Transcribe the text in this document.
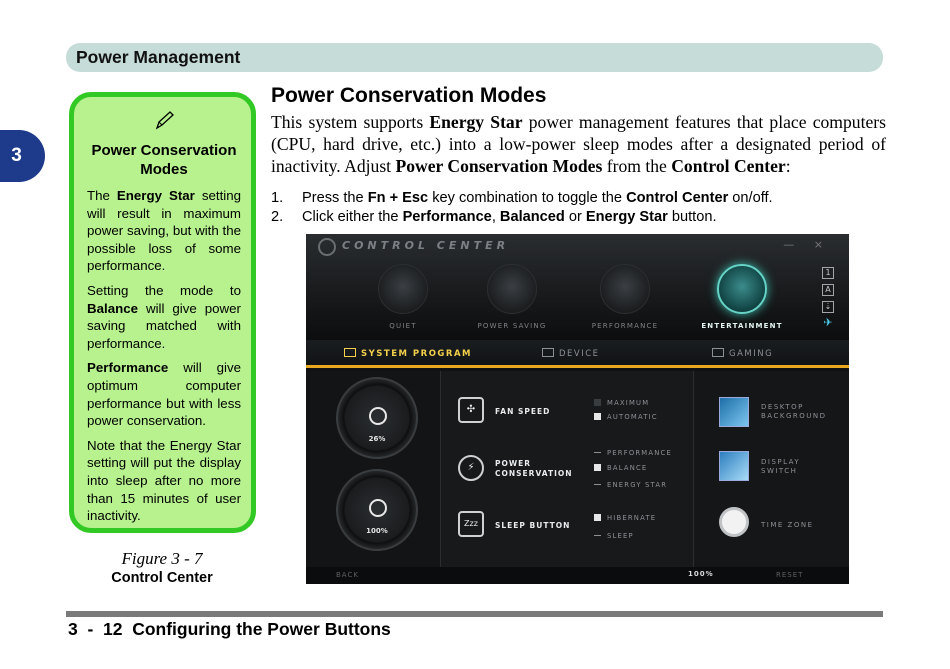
Power Management
3	Power Conservation Modes

The Energy Star setting will result in maximum power saving, but with the possible loss of some performance.

Setting the mode to Balance will give power saving matched with performance.

Performance will give optimum computer performance but with less power conservation.

Note that the Energy Star setting will put the display into sleep after no more than 15 minutes of user inactivity.

Figure 3 - 7
Control Center
Power Conservation Modes

This system supports Energy Star power management features that place computers (CPU, hard drive, etc.) into a low-power sleep modes after a designated period of inactivity. Adjust Power Conservation Modes from the Control Center:

1.	Press the Fn + Esc key combination to toggle the Control Center on/off.
2.	Click either the Performance, Balanced or Energy Star button.
CONTROL CENTER	— ×
QUIET	POWER SAVING	PERFORMANCE	ENTERTAINMENT
1
A
⇣
✈
SYSTEM PROGRAM	DEVICE	GAMING
26%
100%
✣	FAN SPEED
MAXIMUM
AUTOMATIC
⚡	POWER
CONSERVATION
PERFORMANCE
BALANCE
ENERGY STAR
Zzz	SLEEP BUTTON
HIBERNATE
SLEEP
DESKTOP
BACKGROUND
DISPLAY
SWITCH
TIME ZONE
BACK	100%	RESET
3  -  12  Configuring the Power Buttons
